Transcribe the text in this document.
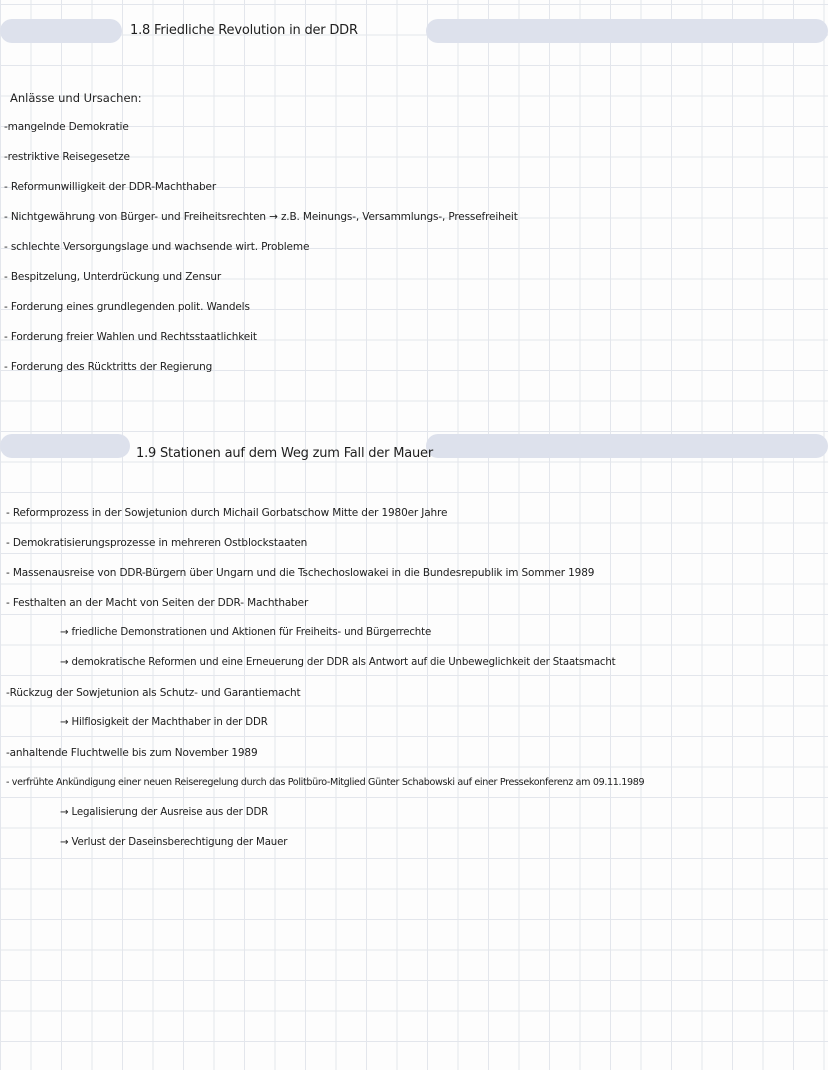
1.8 Friedliche Revolution in der DDR
Anlässe und Ursachen:
-mangelnde Demokratie
-restriktive Reisegesetze
- Reformunwilligkeit der DDR-Machthaber
- Nichtgewährung von Bürger- und Freiheitsrechten → z.B. Meinungs-, Versammlungs-, Pressefreiheit
- schlechte Versorgungslage und wachsende wirt. Probleme
- Bespitzelung, Unterdrückung und Zensur
- Forderung eines grundlegenden polit. Wandels
- Forderung freier Wahlen und Rechtsstaatlichkeit
- Forderung des Rücktritts der Regierung
1.9 Stationen auf dem Weg zum Fall der Mauer
- Reformprozess in der Sowjetunion durch Michail Gorbatschow Mitte der 1980er Jahre
- Demokratisierungsprozesse in mehreren Ostblockstaaten
- Massenausreise von DDR-Bürgern über Ungarn und die Tschechoslowakei in die Bundesrepublik im Sommer 1989
- Festhalten an der Macht von Seiten der DDR- Machthaber
→ friedliche Demonstrationen und Aktionen für Freiheits- und Bürgerrechte
→ demokratische Reformen und eine Erneuerung der DDR als Antwort auf die Unbeweglichkeit der Staatsmacht
-Rückzug der Sowjetunion als Schutz- und Garantiemacht
→ Hilflosigkeit der Machthaber in der DDR
-anhaltende Fluchtwelle bis zum November 1989
- verfrühte Ankündigung einer neuen Reiseregelung durch das Politbüro-Mitglied Günter Schabowski auf einer Pressekonferenz am 09.11.1989
→ Legalisierung der Ausreise aus der DDR
→ Verlust der Daseinsberechtigung der Mauer
